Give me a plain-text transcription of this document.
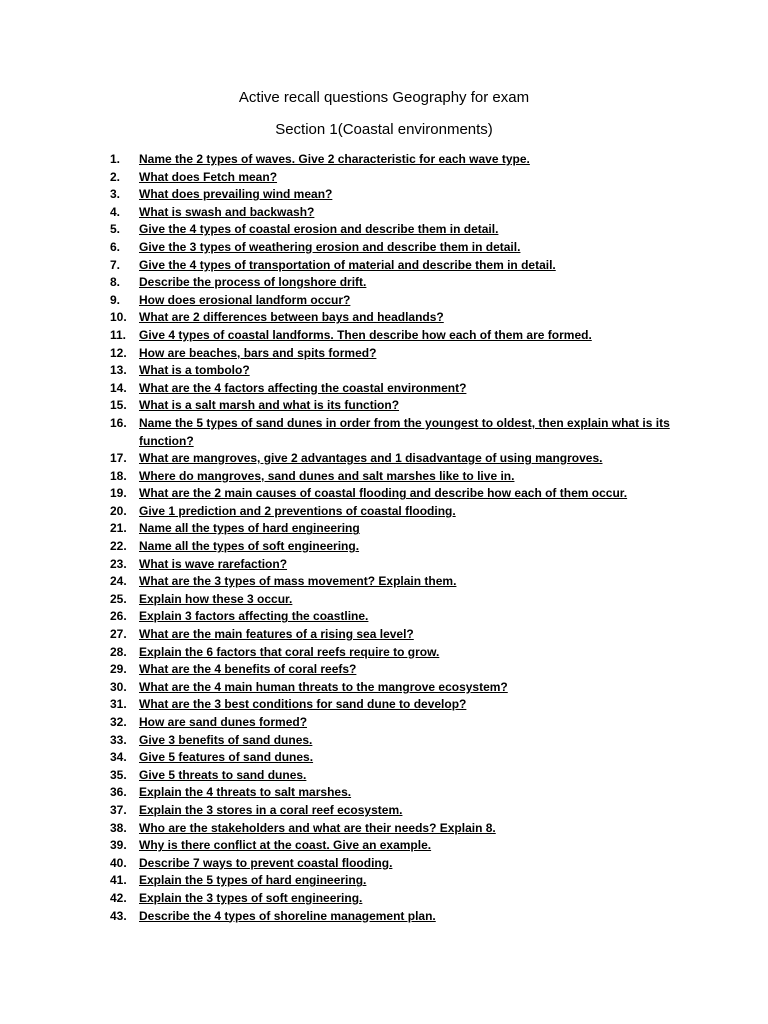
Active recall questions Geography for exam
Section 1(Coastal environments)
1.	Name the 2 types of waves. Give 2 characteristic for each wave type.
2.	What does Fetch mean?
3.	What does prevailing wind mean?
4.	What is swash and backwash?
5.	Give the 4 types of coastal erosion and describe them in detail.
6.	Give the 3 types of weathering erosion and describe them in detail.
7.	Give the 4 types of transportation of material and describe them in detail.
8.	Describe the process of longshore drift.
9.	How does erosional landform occur?
10.	What are 2 differences between bays and headlands?
11.	Give 4 types of coastal landforms. Then describe how each of them are formed.
12.	How are beaches, bars and spits formed?
13.	What is a tombolo?
14.	What are the 4 factors affecting the coastal environment?
15.	What is a salt marsh and what is its function?
16.	Name the 5 types of sand dunes in order from the youngest to oldest, then explain what is its function?
17.	What are mangroves, give 2 advantages and 1 disadvantage of using mangroves.
18.	Where do mangroves, sand dunes and salt marshes like to live in.
19.	What are the 2 main causes of coastal flooding and describe how each of them occur.
20.	Give 1 prediction and 2 preventions of coastal flooding.
21.	Name all the types of hard engineering
22.	Name all the types of soft engineering.
23.	What is wave rarefaction?
24.	What are the 3 types of mass movement? Explain them.
25.	Explain how these 3 occur.
26.	Explain 3 factors affecting the coastline.
27.	What are the main features of a rising sea level?
28.	Explain the 6 factors that coral reefs require to grow.
29.	What are the 4 benefits of coral reefs?
30.	What are the 4 main human threats to the mangrove ecosystem?
31.	What are the 3 best conditions for sand dune to develop?
32.	How are sand dunes formed?
33.	Give 3 benefits of sand dunes.
34.	Give 5 features of sand dunes.
35.	Give 5 threats to sand dunes.
36.	Explain the 4 threats to salt marshes.
37.	Explain the 3 stores in a coral reef ecosystem.
38.	Who are the stakeholders and what are their needs? Explain 8.
39.	Why is there conflict at the coast. Give an example.
40.	Describe 7 ways to prevent coastal flooding.
41.	Explain the 5 types of hard engineering.
42.	Explain the 3 types of soft engineering.
43.	Describe the 4 types of shoreline management plan.
